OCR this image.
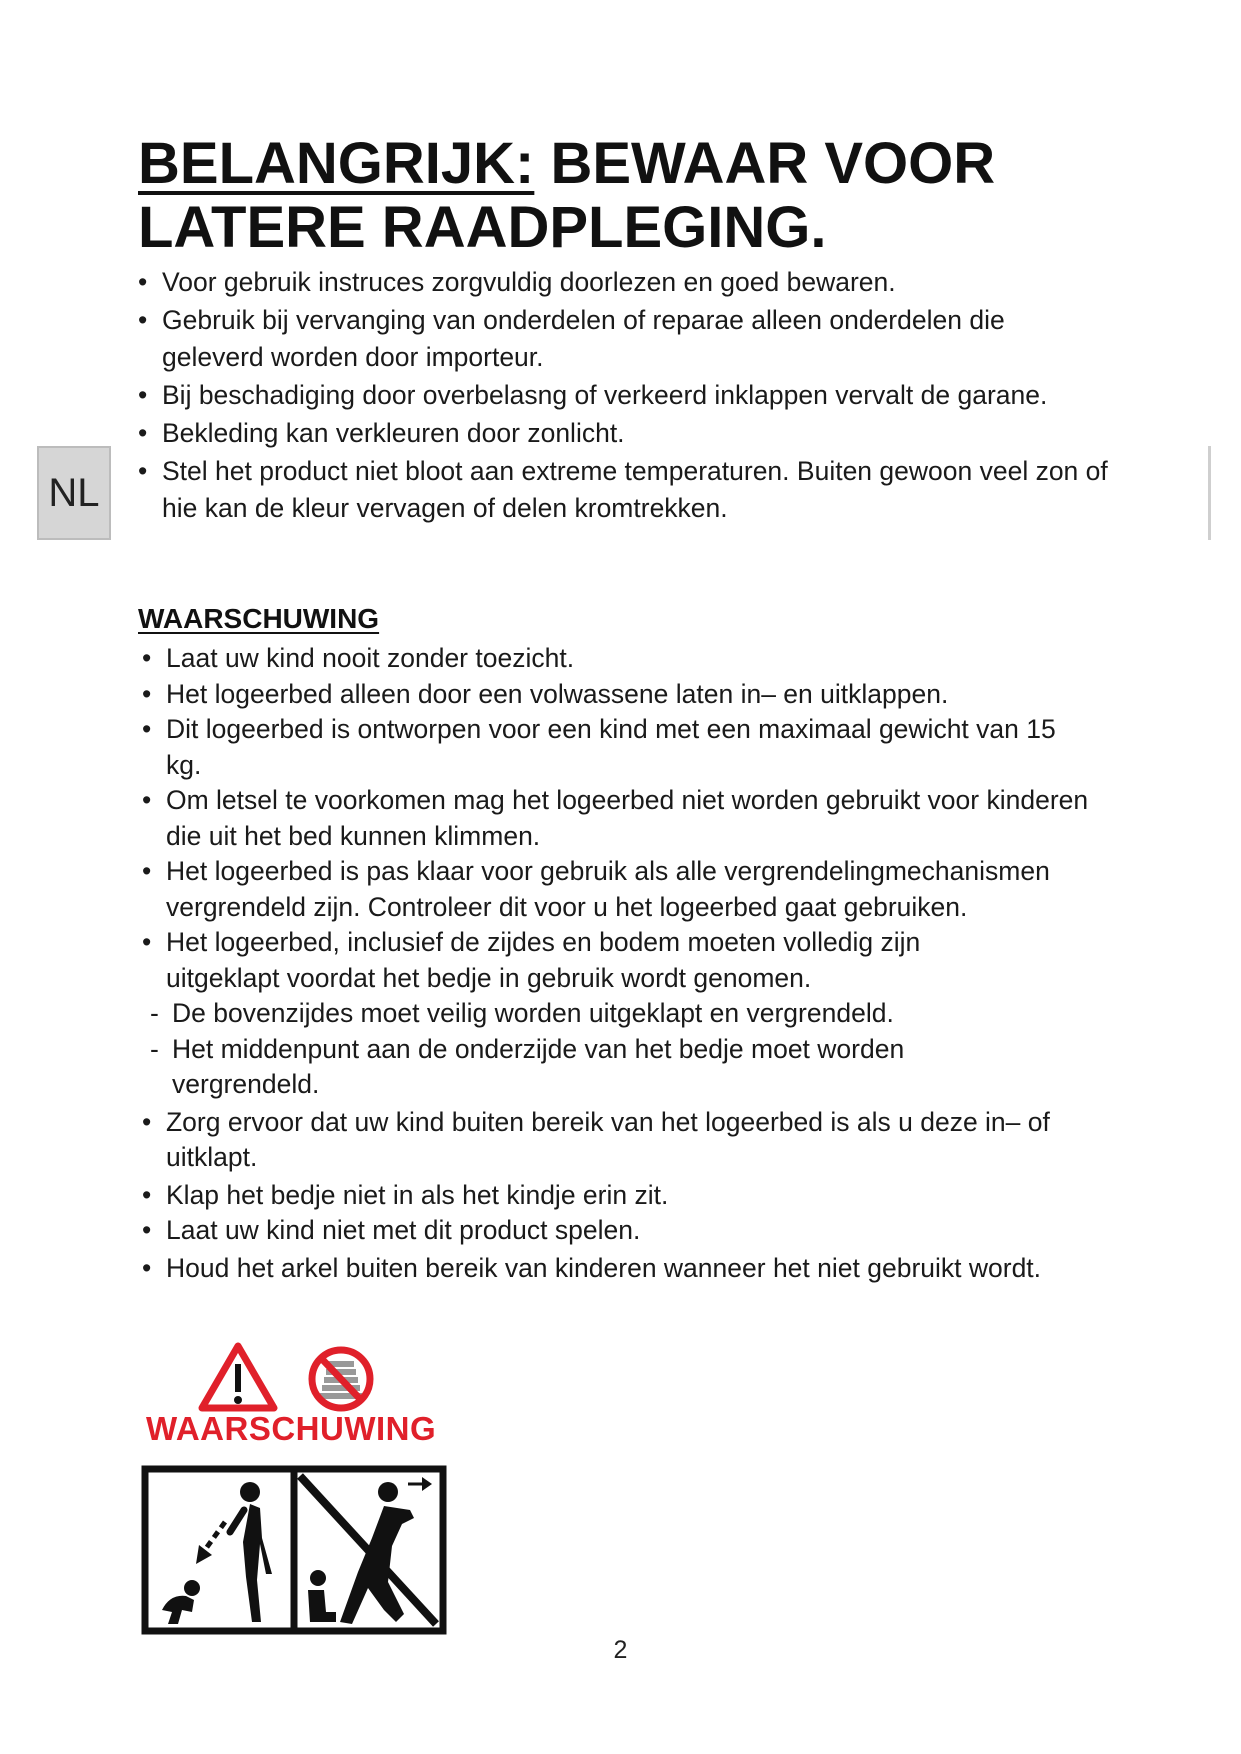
NL
BELANGRIJK: BEWAAR VOOR
LATERE RAADPLEGING.
• Voor gebruik instruces zorgvuldig doorlezen en goed bewaren.
• Gebruik bij vervanging van onderdelen of reparae alleen onderdelen die geleverd worden door importeur.
• Bij beschadiging door overbelasng of verkeerd inklappen vervalt de garane.
• Bekleding kan verkleuren door zonlicht.
• Stel het product niet bloot aan extreme temperaturen. Buiten gewoon veel zon of hie kan de kleur vervagen of delen kromtrekken.
WAARSCHUWING
• Laat uw kind nooit zonder toezicht.
• Het logeerbed alleen door een volwassene laten in– en uitklappen.
• Dit logeerbed is ontworpen voor een kind met een maximaal gewicht van 15 kg.
• Om letsel te voorkomen mag het logeerbed niet worden gebruikt voor kinderen die uit het bed kunnen klimmen.
• Het logeerbed is pas klaar voor gebruik als alle vergrendelingmechanismen vergrendeld zijn. Controleer dit voor u het logeerbed gaat gebruiken.
• Het logeerbed, inclusief de zijdes en bodem moeten volledig zijn uitgeklapt voordat het bedje in gebruik wordt genomen.
- De bovenzijdes moet veilig worden uitgeklapt en vergrendeld.
- Het middenpunt aan de onderzijde van het bedje moet worden vergrendeld.
• Zorg ervoor dat uw kind buiten bereik van het logeerbed is als u deze in– of uitklapt.
• Klap het bedje niet in als het kindje erin zit.
• Laat uw kind niet met dit product spelen.
• Houd het arkel buiten bereik van kinderen wanneer het niet gebruikt wordt.

WAARSCHUWING

2
